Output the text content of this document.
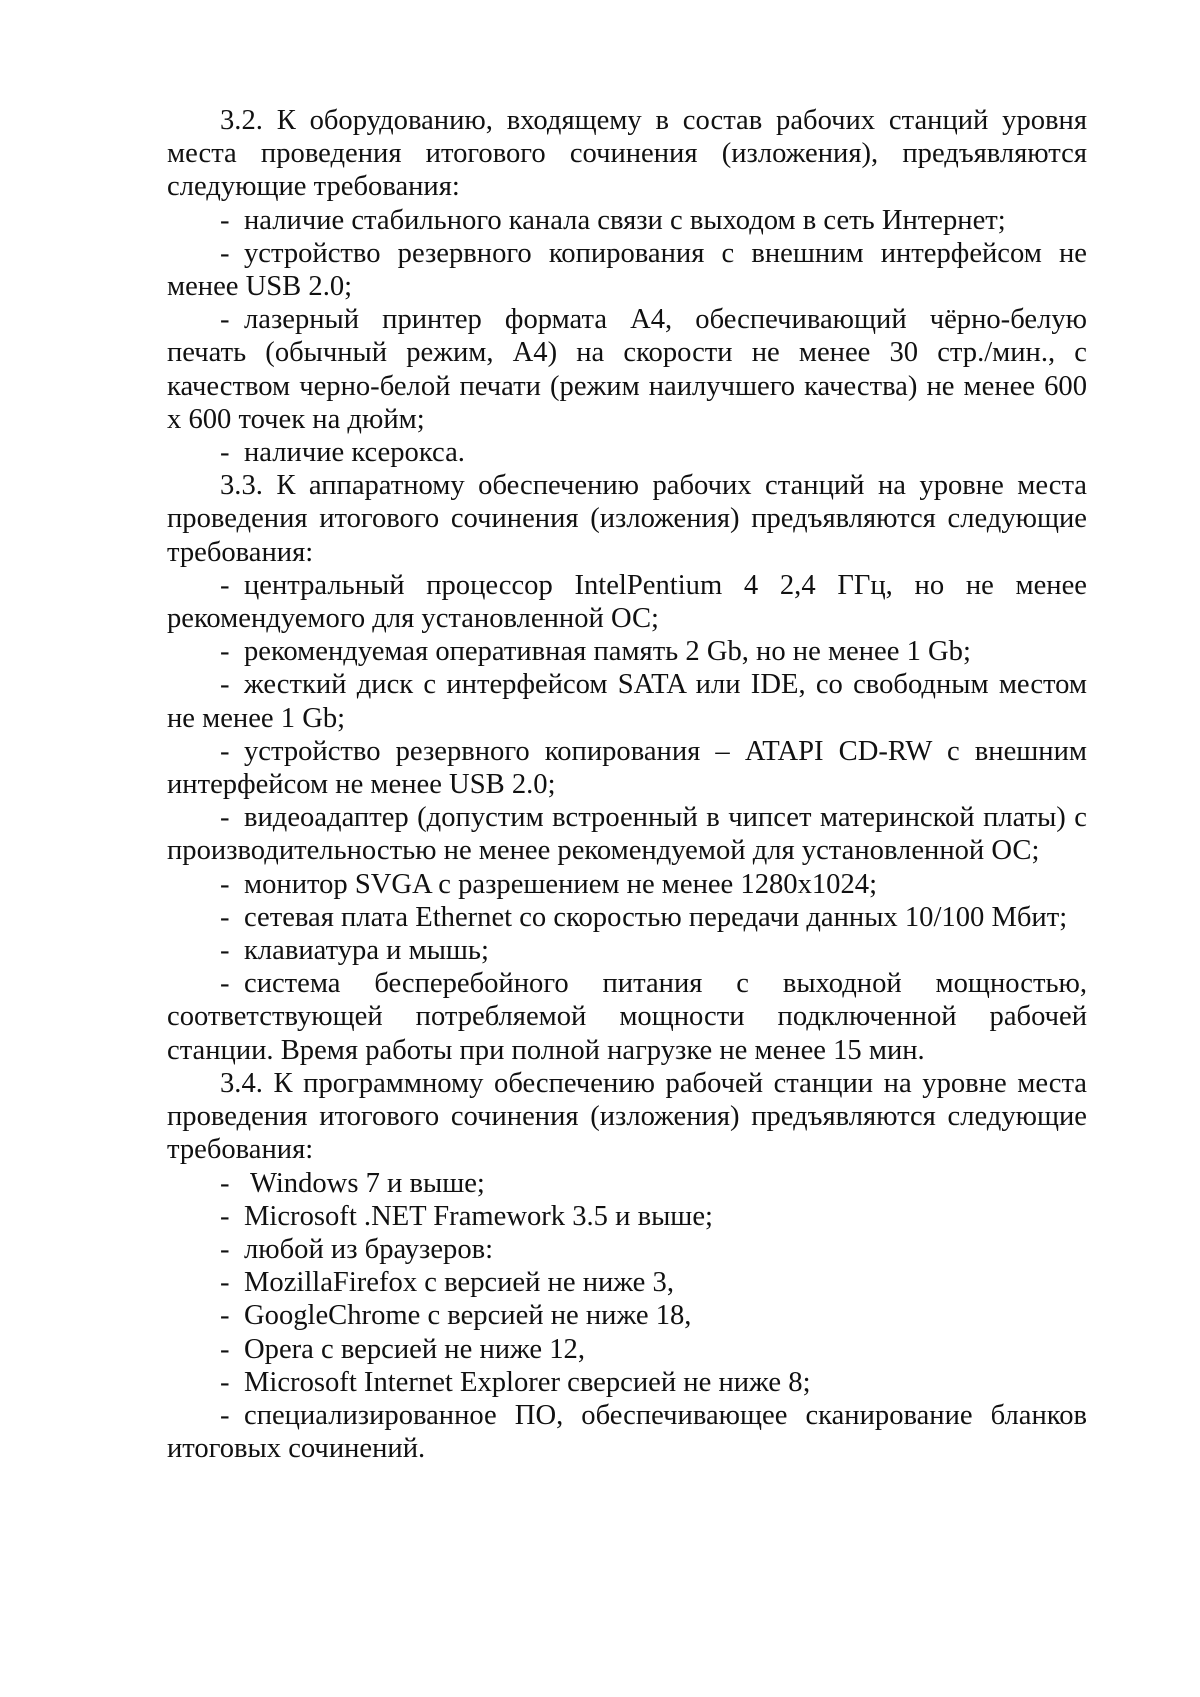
3.2. К оборудованию, входящему в состав рабочих станций уровня места проведения итогового сочинения (изложения), предъявляются следующие требования:

- наличие стабильного канала связи с выходом в сеть Интернет;

- устройство резервного копирования с внешним интерфейсом не менее USB 2.0;

- лазерный принтер формата А4, обеспечивающий чёрно-белую печать (обычный режим, А4) на скорости не менее 30 стр./мин., с качеством черно-белой печати (режим наилучшего качества) не менее 600 х 600 точек на дюйм;

- наличие ксерокса.

3.3. К аппаратному обеспечению рабочих станций на уровне места проведения итогового сочинения (изложения) предъявляются следующие требования:

- центральный процессор IntelPentium 4 2,4 ГГц, но не менее рекомендуемого для установленной ОС;

- рекомендуемая оперативная память 2 Gb, но не менее 1 Gb;

- жесткий диск с интерфейсом SATA или IDE, со свободным местом не менее 1 Gb;

- устройство резервного копирования – ATAPI CD-RW с внешним интерфейсом не менее USB 2.0;

- видеоадаптер (допустим встроенный в чипсет материнской платы) с производительностью не менее рекомендуемой для установленной ОС;

- монитор SVGA с разрешением не менее 1280x1024;

- сетевая плата Ethernet со скоростью передачи данных 10/100 Мбит;

- клавиатура и мышь;

- система бесперебойного питания с выходной мощностью, соответствующей потребляемой мощности подключенной рабочей станции. Время работы при полной нагрузке не менее 15 мин.

3.4. К программному обеспечению рабочей станции на уровне места проведения итогового сочинения (изложения) предъявляются следующие требования:

- Windows 7 и выше;

- Microsoft .NET Framework 3.5 и выше;

- любой из браузеров:

- MozillaFirefox с версией не ниже 3,

- GoogleChrome с версией не ниже 18,

- Opera с версией не ниже 12,

- Microsoft Internet Explorer сверсией не ниже 8;

- специализированное ПО, обеспечивающее сканирование бланков итоговых сочинений.
